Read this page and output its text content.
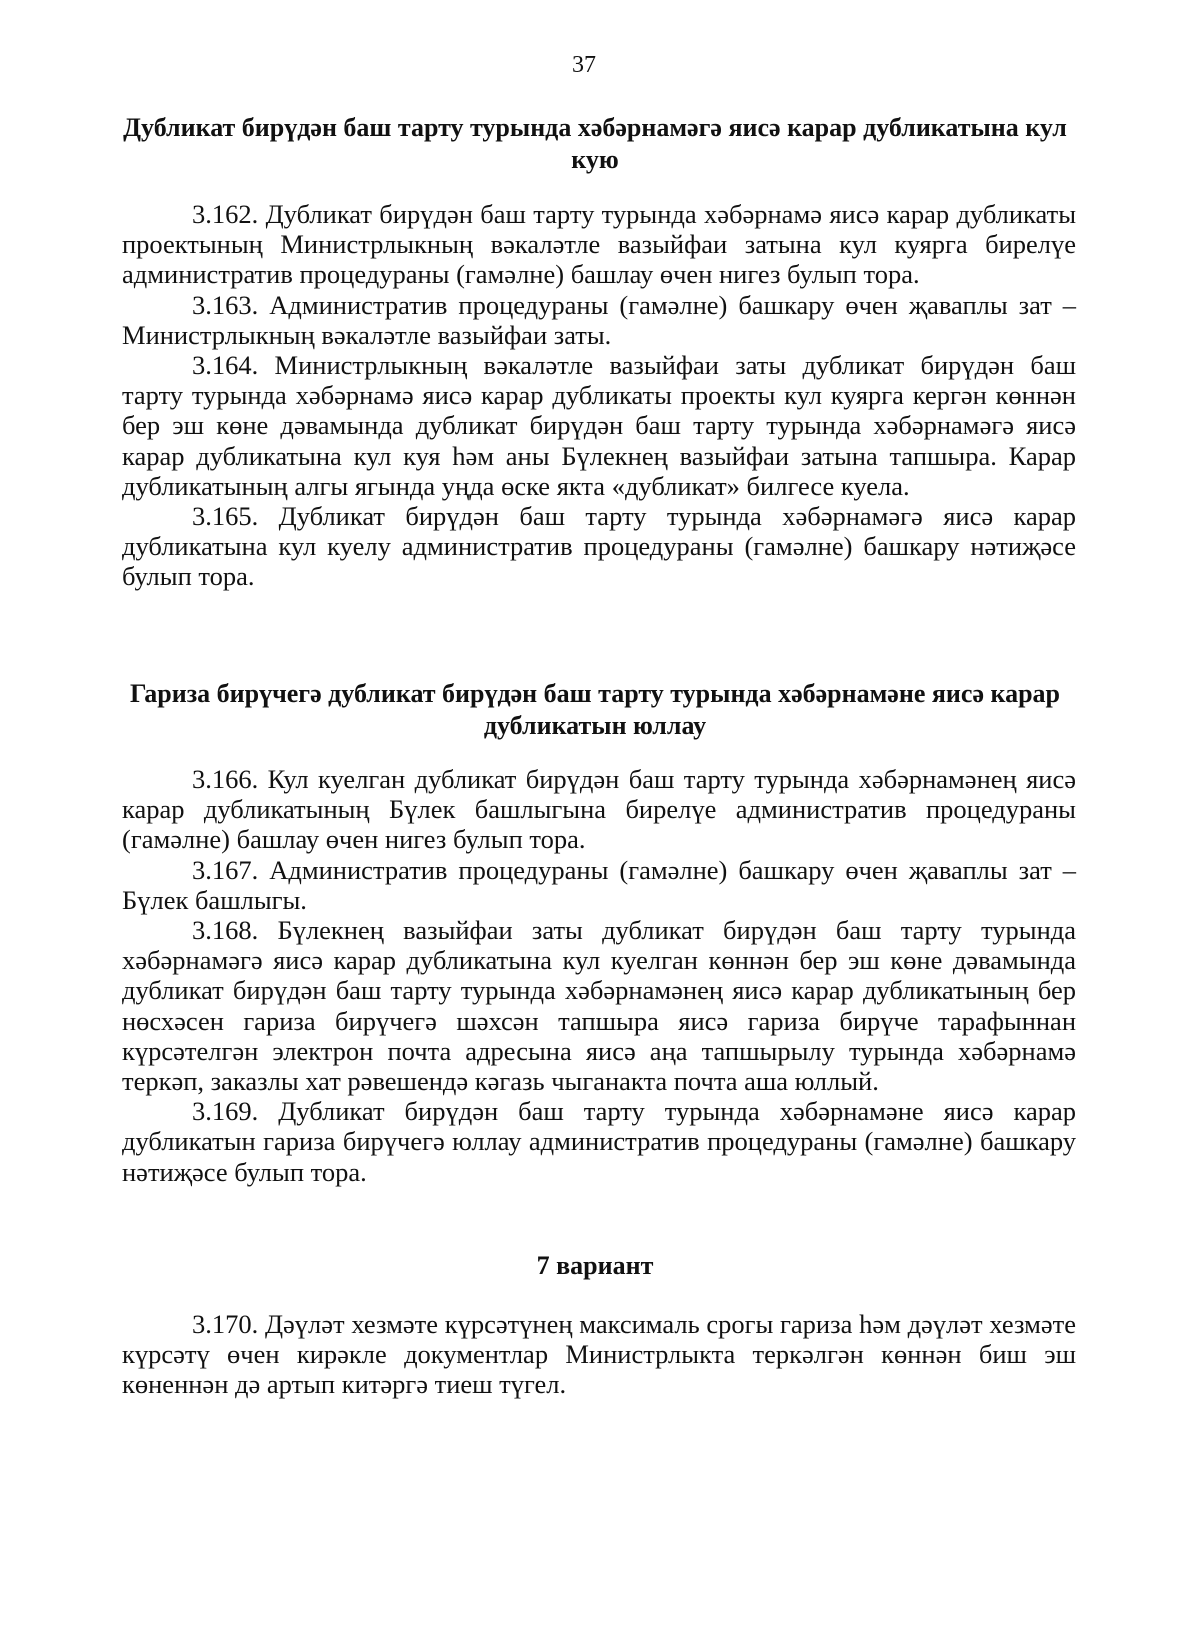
37
Дубликат бирүдән баш тарту турында хәбәрнамәгә яисә карар дубликатына кул кую

3.162. Дубликат бирүдән баш тарту турында хәбәрнамә яисә карар дубликаты проектының Министрлыкның вәкаләтле вазыйфаи затына кул куярга бирелүе административ процедураны (гамәлне) башлау өчен нигез булып тора.

3.163. Административ процедураны (гамәлне) башкару өчен җаваплы зат – Министрлыкның вәкаләтле вазыйфаи заты.

3.164. Министрлыкның вәкаләтле вазыйфаи заты дубликат бирүдән баш тарту турында хәбәрнамә яисә карар дубликаты проекты кул куярга кергән көннән бер эш көне дәвамында дубликат бирүдән баш тарту турында хәбәрнамәгә яисә карар дубликатына кул куя һәм аны Бүлекнең вазыйфаи затына тапшыра. Карар дубликатының алгы ягында уңда өске якта «дубликат» билгесе куела.

3.165. Дубликат бирүдән баш тарту турында хәбәрнамәгә яисә карар дубликатына кул куелу административ процедураны (гамәлне) башкару нәтиҗәсе булып тора.

Гариза бирүчегә дубликат бирүдән баш тарту турында хәбәрнамәне яисә карар дубликатын юллау

3.166. Кул куелган дубликат бирүдән баш тарту турында хәбәрнамәнең яисә карар дубликатының Бүлек башлыгына бирелүе административ процедураны (гамәлне) башлау өчен нигез булып тора.

3.167. Административ процедураны (гамәлне) башкару өчен җаваплы зат – Бүлек башлыгы.

3.168. Бүлекнең вазыйфаи заты дубликат бирүдән баш тарту турында хәбәрнамәгә яисә карар дубликатына кул куелган көннән бер эш көне дәвамында дубликат бирүдән баш тарту турында хәбәрнамәнең яисә карар дубликатының бер нөсхәсен гариза бирүчегә шәхсән тапшыра яисә гариза бирүче тарафыннан күрсәтелгән электрон почта адресына яисә аңа тапшырылу турында хәбәрнамә теркәп, заказлы хат рәвешендә кәгазь чыганакта почта аша юллый.

3.169. Дубликат бирүдән баш тарту турында хәбәрнамәне яисә карар дубликатын гариза бирүчегә юллау административ процедураны (гамәлне) башкару нәтиҗәсе булып тора.

7 вариант

3.170. Дәүләт хезмәте күрсәтүнең максималь срогы гариза һәм дәүләт хезмәте күрсәтү өчен кирәкле документлар Министрлыкта теркәлгән көннән биш эш көненнән дә артып китәргә тиеш түгел.
